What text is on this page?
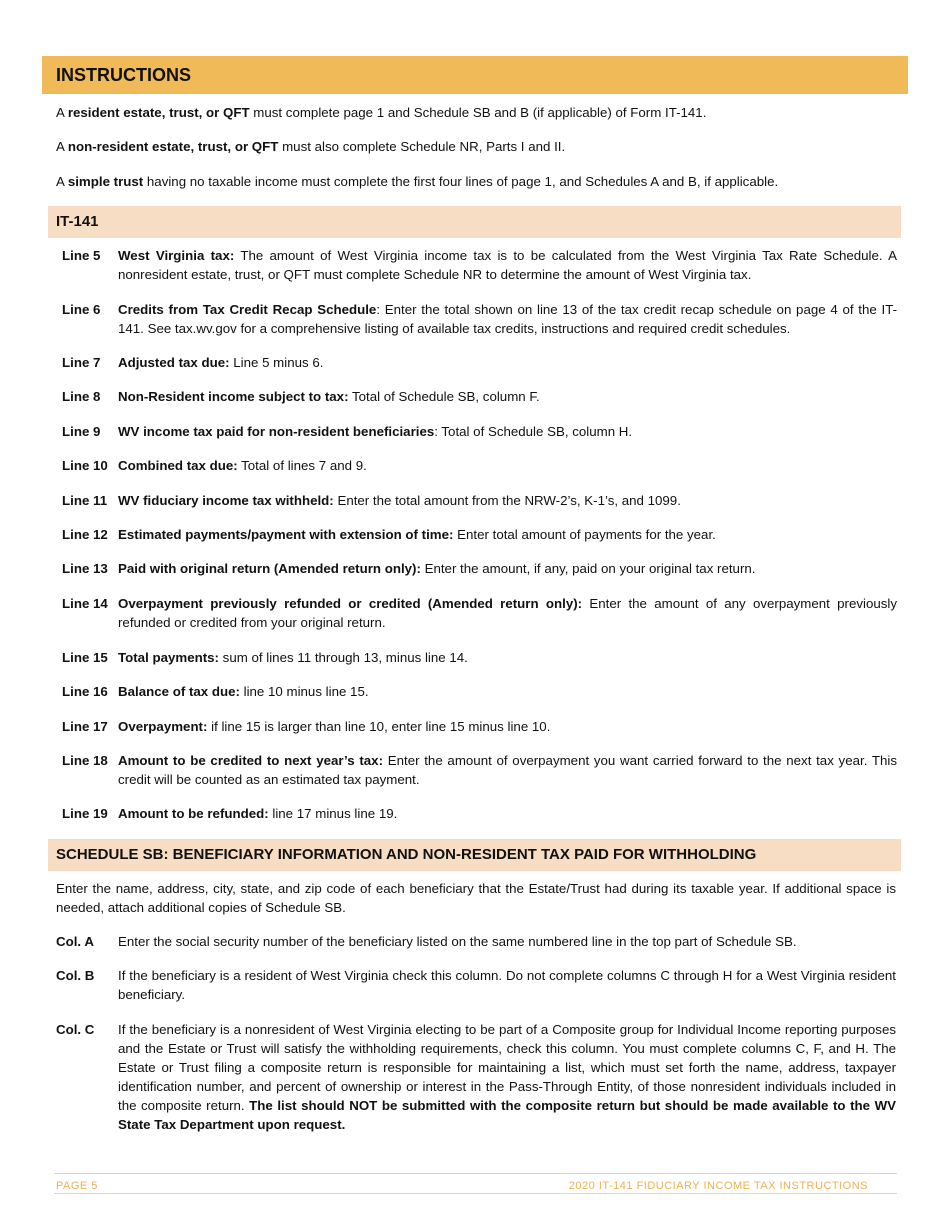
INSTRUCTIONS
A resident estate, trust, or QFT must complete page 1 and Schedule SB and B (if applicable) of Form IT-141.
A non-resident estate, trust, or QFT must also complete Schedule NR, Parts I and II.
A simple trust having no taxable income must complete the first four lines of page 1, and Schedules A and B, if applicable.
IT-141
Line 5	West Virginia tax: The amount of West Virginia income tax is to be calculated from the West Virginia Tax Rate Schedule. A nonresident estate, trust, or QFT must complete Schedule NR to determine the amount of West Virginia tax.
Line 6	Credits from Tax Credit Recap Schedule: Enter the total shown on line 13 of the tax credit recap schedule on page 4 of the IT-141. See tax.wv.gov for a comprehensive listing of available tax credits, instructions and required credit schedules.
Line 7	Adjusted tax due: Line 5 minus 6.
Line 8	Non-Resident income subject to tax: Total of Schedule SB, column F.
Line 9	WV income tax paid for non-resident beneficiaries: Total of Schedule SB, column H.
Line 10 Combined tax due: Total of lines 7 and 9.
Line 11 WV fiduciary income tax withheld: Enter the total amount from the NRW-2’s, K-1’s, and 1099.
Line 12 Estimated payments/payment with extension of time: Enter total amount of payments for the year.
Line 13 Paid with original return (Amended return only): Enter the amount, if any, paid on your original tax return.
Line 14 Overpayment previously refunded or credited (Amended return only): Enter the amount of any overpayment previously refunded or credited from your original return.
Line 15 Total payments: sum of lines 11 through 13, minus line 14.
Line 16 Balance of tax due: line 10 minus line 15.
Line 17 Overpayment: if line 15 is larger than line 10, enter line 15 minus line 10.
Line 18 Amount to be credited to next year’s tax: Enter the amount of overpayment you want carried forward to the next tax year. This credit will be counted as an estimated tax payment.
Line 19 Amount to be refunded: line 17 minus line 19.
SCHEDULE SB: BENEFICIARY INFORMATION AND NON-RESIDENT TAX PAID FOR WITHHOLDING
Enter the name, address, city, state, and zip code of each beneficiary that the Estate/Trust had during its taxable year. If additional space is needed, attach additional copies of Schedule SB.
Col. A	Enter the social security number of the beneficiary listed on the same numbered line in the top part of Schedule SB.
Col. B	If the beneficiary is a resident of West Virginia check this column. Do not complete columns C through H for a West Virginia resident beneficiary.
Col. C	If the beneficiary is a nonresident of West Virginia electing to be part of a Composite group for Individual Income reporting purposes and the Estate or Trust will satisfy the withholding requirements, check this column. You must complete columns C, F, and H. The Estate or Trust filing a composite return is responsible for maintaining a list, which must set forth the name, address, taxpayer identification number, and percent of ownership or interest in the Pass-Through Entity, of those nonresident individuals included in the composite return. The list should NOT be submitted with the composite return but should be made available to the WV State Tax Department upon request.
PAGE 5	2020 IT-141 FIDUCIARY INCOME TAX INSTRUCTIONS
